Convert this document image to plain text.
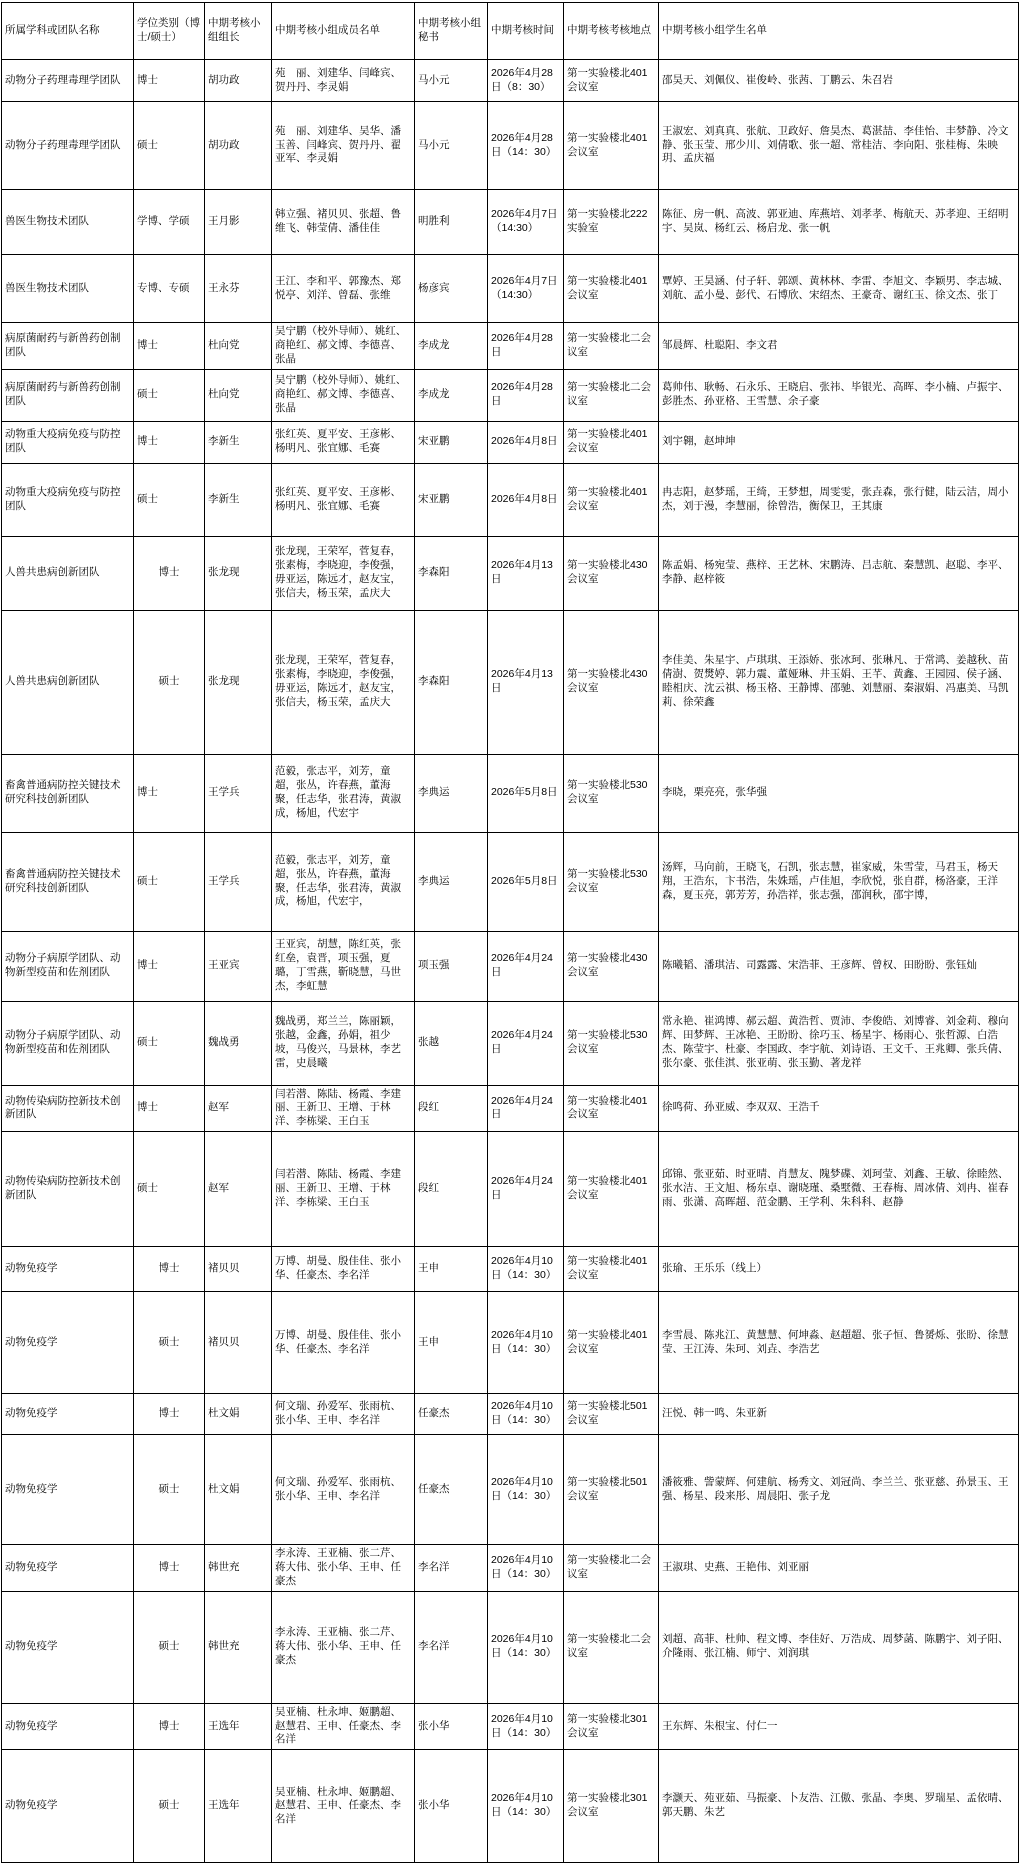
所属学科或团队名称	学位类别（博士/硕士）	中期考核小组组长	中期考核小组成员名单	中期考核小组秘书	中期考核时间	中期考核考核地点	中期考核小组学生名单
动物分子药理毒理学团队	博士	胡功政	苑　丽、刘建华、闫峰宾、贺丹丹、李灵娟	马小元	2026年4月28日（8：30）	第一实验楼北401会议室	邵昊天、刘佩仪、崔俊岭、张茜、丁鹏云、朱召岩
动物分子药理毒理学团队	硕士	胡功政	苑　丽、刘建华、吴华、潘玉善、闫峰宾、贺丹丹、翟亚军、李灵娟	马小元	2026年4月28日（14：30）	第一实验楼北401会议室	王淑宏、刘真真、张航、卫政好、詹昊杰、葛湛喆、李佳怡、丰梦静、冷文静、张玉莹、邢少川、刘倩歌、张一超、常桂洁、李向阳、张桂梅、朱映玥、孟庆福
兽医生物技术团队	学博、学硕	王月影	韩立强、褚贝贝、张超、鲁维飞、韩莹倩、潘佳佳	明胜利	2026年4月7日（14:30）	第一实验楼北222实验室	陈征、房一帆、高波、郭亚迪、库燕培、刘孝孝、梅航天、苏孝迎、王绍明宇、吴岚、杨红云、杨启龙、张一帆
兽医生物技术团队	专博、专硕	王永芬	王江、李和平、郭豫杰、郑悦亭、刘洋、曾磊、张维	杨彦宾	2026年4月7日（14:30）	第一实验楼北401会议室	覃婷、王昊涵、付子轩、郭颂、黄林林、李雷、李旭文、李颖男、李志城、刘航、孟小曼、彭代、石博欣、宋绍杰、王豪奇、谢红玉、徐文杰、张丁
病原菌耐药与新兽药创制团队	博士	杜向党	吴宁鹏（校外导师）、姚红、商艳红、郝文博、李德喜、张晶	李成龙	2026年4月28日	第一实验楼北二会议室	邹晨辉、杜聪阳、李文君
病原菌耐药与新兽药创制团队	硕士	杜向党	吴宁鹏（校外导师）、姚红、商艳红、郝文博、李德喜、张晶	李成龙	2026年4月28日	第一实验楼北二会议室	葛帅伟、耿畅、石永乐、王晓启、张祎、毕银光、高晖、李小楠、卢振宇、彭胜杰、孙亚格、王雪慧、余子豪
动物重大疫病免疫与防控团队	博士	李新生	张红英、夏平安、王彦彬、杨明凡、张宜娜、毛赛	宋亚鹏	2026年4月8日	第一实验楼北401会议室	刘宇翱，赵坤坤
动物重大疫病免疫与防控团队	硕士	李新生	张红英、夏平安、王彦彬、杨明凡、张宜娜、毛赛	宋亚鹏	2026年4月8日	第一实验楼北401会议室	冉志阳，赵梦瑶，王绮，王梦想，周雯雯，张垚森，张行健，陆云洁，周小杰，刘于漫，李慧丽，徐曾浩，衡保卫，王其康
人兽共患病创新团队	博士	张龙现	张龙现，王荣军，菅复春，张素梅，李晓迎，李俊强，毋亚运，陈远才，赵友宝，张信夫，杨玉荣，孟庆大	李森阳	2026年4月13日	第一实验楼北430会议室	陈孟娟、杨宛莹、燕梓、王艺林、宋鹏涛、吕志航、秦慧凯、赵聪、李平、李静、赵梓筱
人兽共患病创新团队	硕士	张龙现	张龙现，王荣军，菅复春，张素梅，李晓迎，李俊强，毋亚运，陈远才，赵友宝，张信夫，杨玉荣，孟庆大	李森阳	2026年4月13日	第一实验楼北430会议室	李佳美、朱星宇、卢琪琪、王添娇、张冰珂、张琳凡、于常鸿、姜越秋、苗倩澍、贺燓婷、郭力震、董娅琳、井玉娟、王芊、黄鑫、王园园、侯子涵、睦相庆、沈云祺、杨玉格、王静博、邵驰、刘慧丽、秦淑娟、冯惠美、马凯莉、徐荣鑫
畜禽普通病防控关键技术研究科技创新团队	博士	王学兵	范毅，张志平，刘芳，童超，张丛，许春燕，董海聚，任志华，张君涛，黄淑成，杨旭，代宏宇	李典运	2026年5月8日	第一实验楼北530会议室	李晓，栗亮亮，张华强
畜禽普通病防控关键技术研究科技创新团队	硕士	王学兵	范毅，张志平，刘芳，童超，张丛，许春燕，董海聚，任志华，张君涛，黄淑成，杨旭，代宏宇，	李典运	2026年5月8日	第一实验楼北530会议室	汤辉，马向前，王晓飞，石凯，张志慧，崔家威，朱雪莹，马君玉，杨天翔，王浩东，卞书浩，朱姝瑶，卢佳旭，李欣悦，张自群，杨洛豪，王洋森，夏玉亮，郭芳芳，孙浩祥，张志强，邵润秋，邵宇博，
动物分子病原学团队、动物新型疫苗和佐剂团队	博士	王亚宾	王亚宾，胡慧，陈红英，张红垒，袁晋，项玉强，夏璐，丁雪燕，靳晓慧，马世杰，李虹慧	项玉强	2026年4月24日	第一实验楼北430会议室	陈曦韬、潘琪洁、司露露、宋浩菲、王彦辉、曾权、田盼盼、张钰灿
动物分子病原学团队、动物新型疫苗和佐剂团队	硕士	魏战勇	魏战勇，郑兰兰，陈丽颖，张越，金鑫，孙娟，祖少坡，马俊兴，马景林，李艺雷，史晨曦	张越	2026年4月24日	第一实验楼北530会议室	常永艳、崔鸿博、郝云超、黄浩哲、贾沛、李俊皓、刘博睿、刘金莉、穆向辉、田梦辉、王冰艳、王盼盼、徐巧玉、杨星宇、杨雨心、张哲源、白浩杰、陈莹宇、杜豪、李国政、李宇航、刘诗语、王文千、王兆卿、张兵倩、张尔豪、张佳淇、张亚萌、张玉勤、著龙祥
动物传染病防控新技术创新团队	博士	赵军	闫若潜、陈陆、杨霞、李建丽、王新卫、王增、于林洋、李栋梁、王白玉	段红	2026年4月24日	第一实验楼北401会议室	徐鸣荷、孙亚威、李双双、王浩千
动物传染病防控新技术创新团队	硕士	赵军	闫若潜、陈陆、杨霞、李建丽、王新卫、王增、于林洋、李栋梁、王白玉	段红	2026年4月24日	第一实验楼北401会议室	邱锦、张亚茹、时亚晴、肖慧友、隗梦碟、刘珂莹、刘鑫、王敏、徐睦然、张水洁、王文旭、杨东卓、谢晓瑾、桑墅微、王春梅、周冰倩、刘冉、崔春雨、张潇、高晖超、范金鹏、王学利、朱科科、赵静
动物免疫学	博士	褚贝贝	万博、胡曼、殷佳佳、张小华、任豪杰、李名洋	王申	2026年4月10日（14：30）	第一实验楼北401会议室	张瑜、王乐乐（线上）
动物免疫学	硕士	褚贝贝	万博、胡曼、殷佳佳、张小华、任豪杰、李名洋	王申	2026年4月10日（14：30）	第一实验楼北401会议室	李雪晨、陈兆江、黄慧慧、何坤淼、赵超超、张子恒、鲁赟烁、张盼、徐慧莹、王江涛、朱珂、刘垚、李浩艺
动物免疫学	博士	杜文娟	何文瑞、孙爱军、张雨杭、张小华、王申、李名洋	任豪杰	2026年4月10日（14：30）	第一实验楼北501会议室	汪悦、韩一鸣、朱亚新
动物免疫学	硕士	杜文娟	何文瑞、孙爱军、张雨杭、张小华、王申、李名洋	任豪杰	2026年4月10日（14：30）	第一实验楼北501会议室	潘筱雅、訾蒙辉、何建航、杨秀文、刘冠尚、李兰兰、张亚慈、孙景玉、王强、杨星、段来彤、周晨阳、张子龙
动物免疫学	博士	韩世充	李永涛、王亚楠、张二芹、蒋大伟、张小华、王申、任豪杰	李名洋	2026年4月10日（14：30）	第一实验楼北二会议室	王淑琪、史燕、王艳伟、刘亚丽
动物免疫学	硕士	韩世充	李永涛、王亚楠、张二芹、蒋大伟、张小华、王申、任豪杰	李名洋	2026年4月10日（14：30）	第一实验楼北二会议室	刘超、高菲、杜帅、程文博、李佳好、万浩成、周梦菡、陈鹏宇、刘子阳、介隆雨、张江楠、师宁、刘润琪
动物免疫学	博士	王选年	吴亚楠、杜永坤、姬鹏超、赵慧君、王申、任豪杰、李名洋	张小华	2026年4月10日（14：30）	第一实验楼北301会议室	王东辉、朱根宝、付仁一
动物免疫学	硕士	王选年	吴亚楠、杜永坤、姬鹏超、赵慧君、王申、任豪杰、李名洋	张小华	2026年4月10日（14：30）	第一实验楼北301会议室	李灏天、苑亚茹、马振豪、卜友浩、江傲、张晶、李奥、罗瑞星、孟依晴、郭天鹏、朱艺
